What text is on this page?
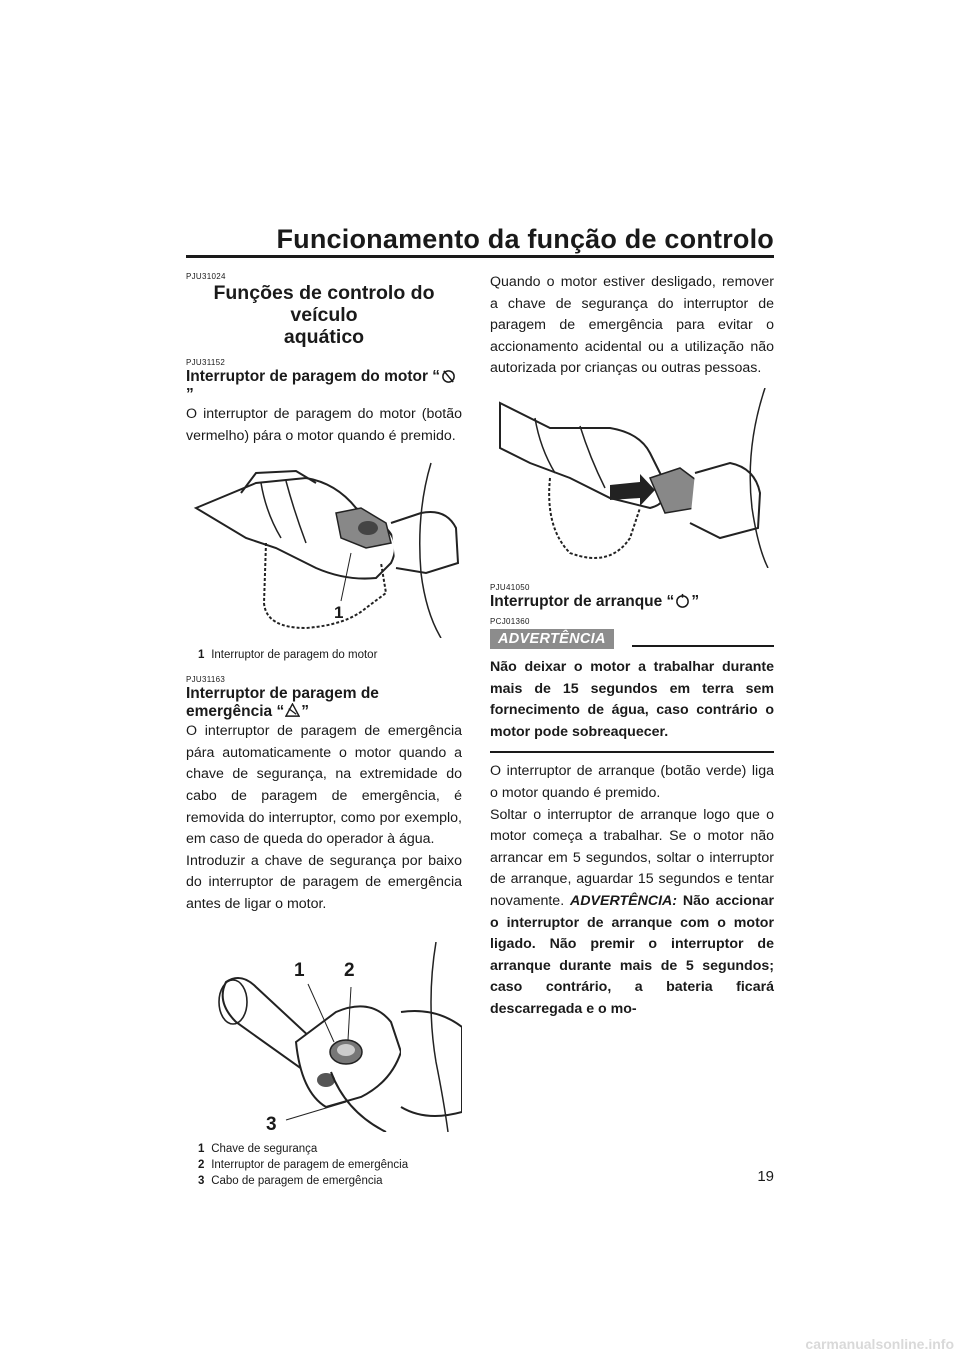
Funcionamento da função de controlo

PJU31024

Funções de controlo do veículo
aquático

PJU31152

Interruptor de paragem do motor “”

O interruptor de paragem do motor (botão vermelho) pára o motor quando é premido.

1
1 Interruptor de paragem do motor

PJU31163

Interruptor de paragem de
emergência “ ”

O interruptor de paragem de emergência pára automaticamente o motor quando a chave de segurança, na extremidade do cabo de paragem de emergência, é removida do interruptor, como por exemplo, em caso de queda do operador à água.

Introduzir a chave de segurança por baixo do interruptor de paragem de emergência antes de ligar o motor.

1 2
3
1 Chave de segurança
2 Interruptor de paragem de emergência
3 Cabo de paragem de emergência

Quando o motor estiver desligado, remover a chave de segurança do interruptor de paragem de emergência para evitar o accionamento acidental ou a utilização não autorizada por crianças ou outras pessoas.

PJU41050

Interruptor de arranque “ ”

PCJ01360

ADVERTÊNCIA

Não deixar o motor a trabalhar durante mais de 15 segundos em terra sem fornecimento de água, caso contrário o motor pode sobreaquecer.

O interruptor de arranque (botão verde) liga o motor quando é premido.

Soltar o interruptor de arranque logo que o motor começa a trabalhar. Se o motor não arrancar em 5 segundos, soltar o interruptor de arranque, aguardar 15 segundos e tentar novamente. ADVERTÊNCIA: Não accionar o interruptor de arranque com o motor ligado. Não premir o interruptor de arranque durante mais de 5 segundos; caso contrário, a bateria ficará descarregada e o mo-

19
carmanualsonline.info
